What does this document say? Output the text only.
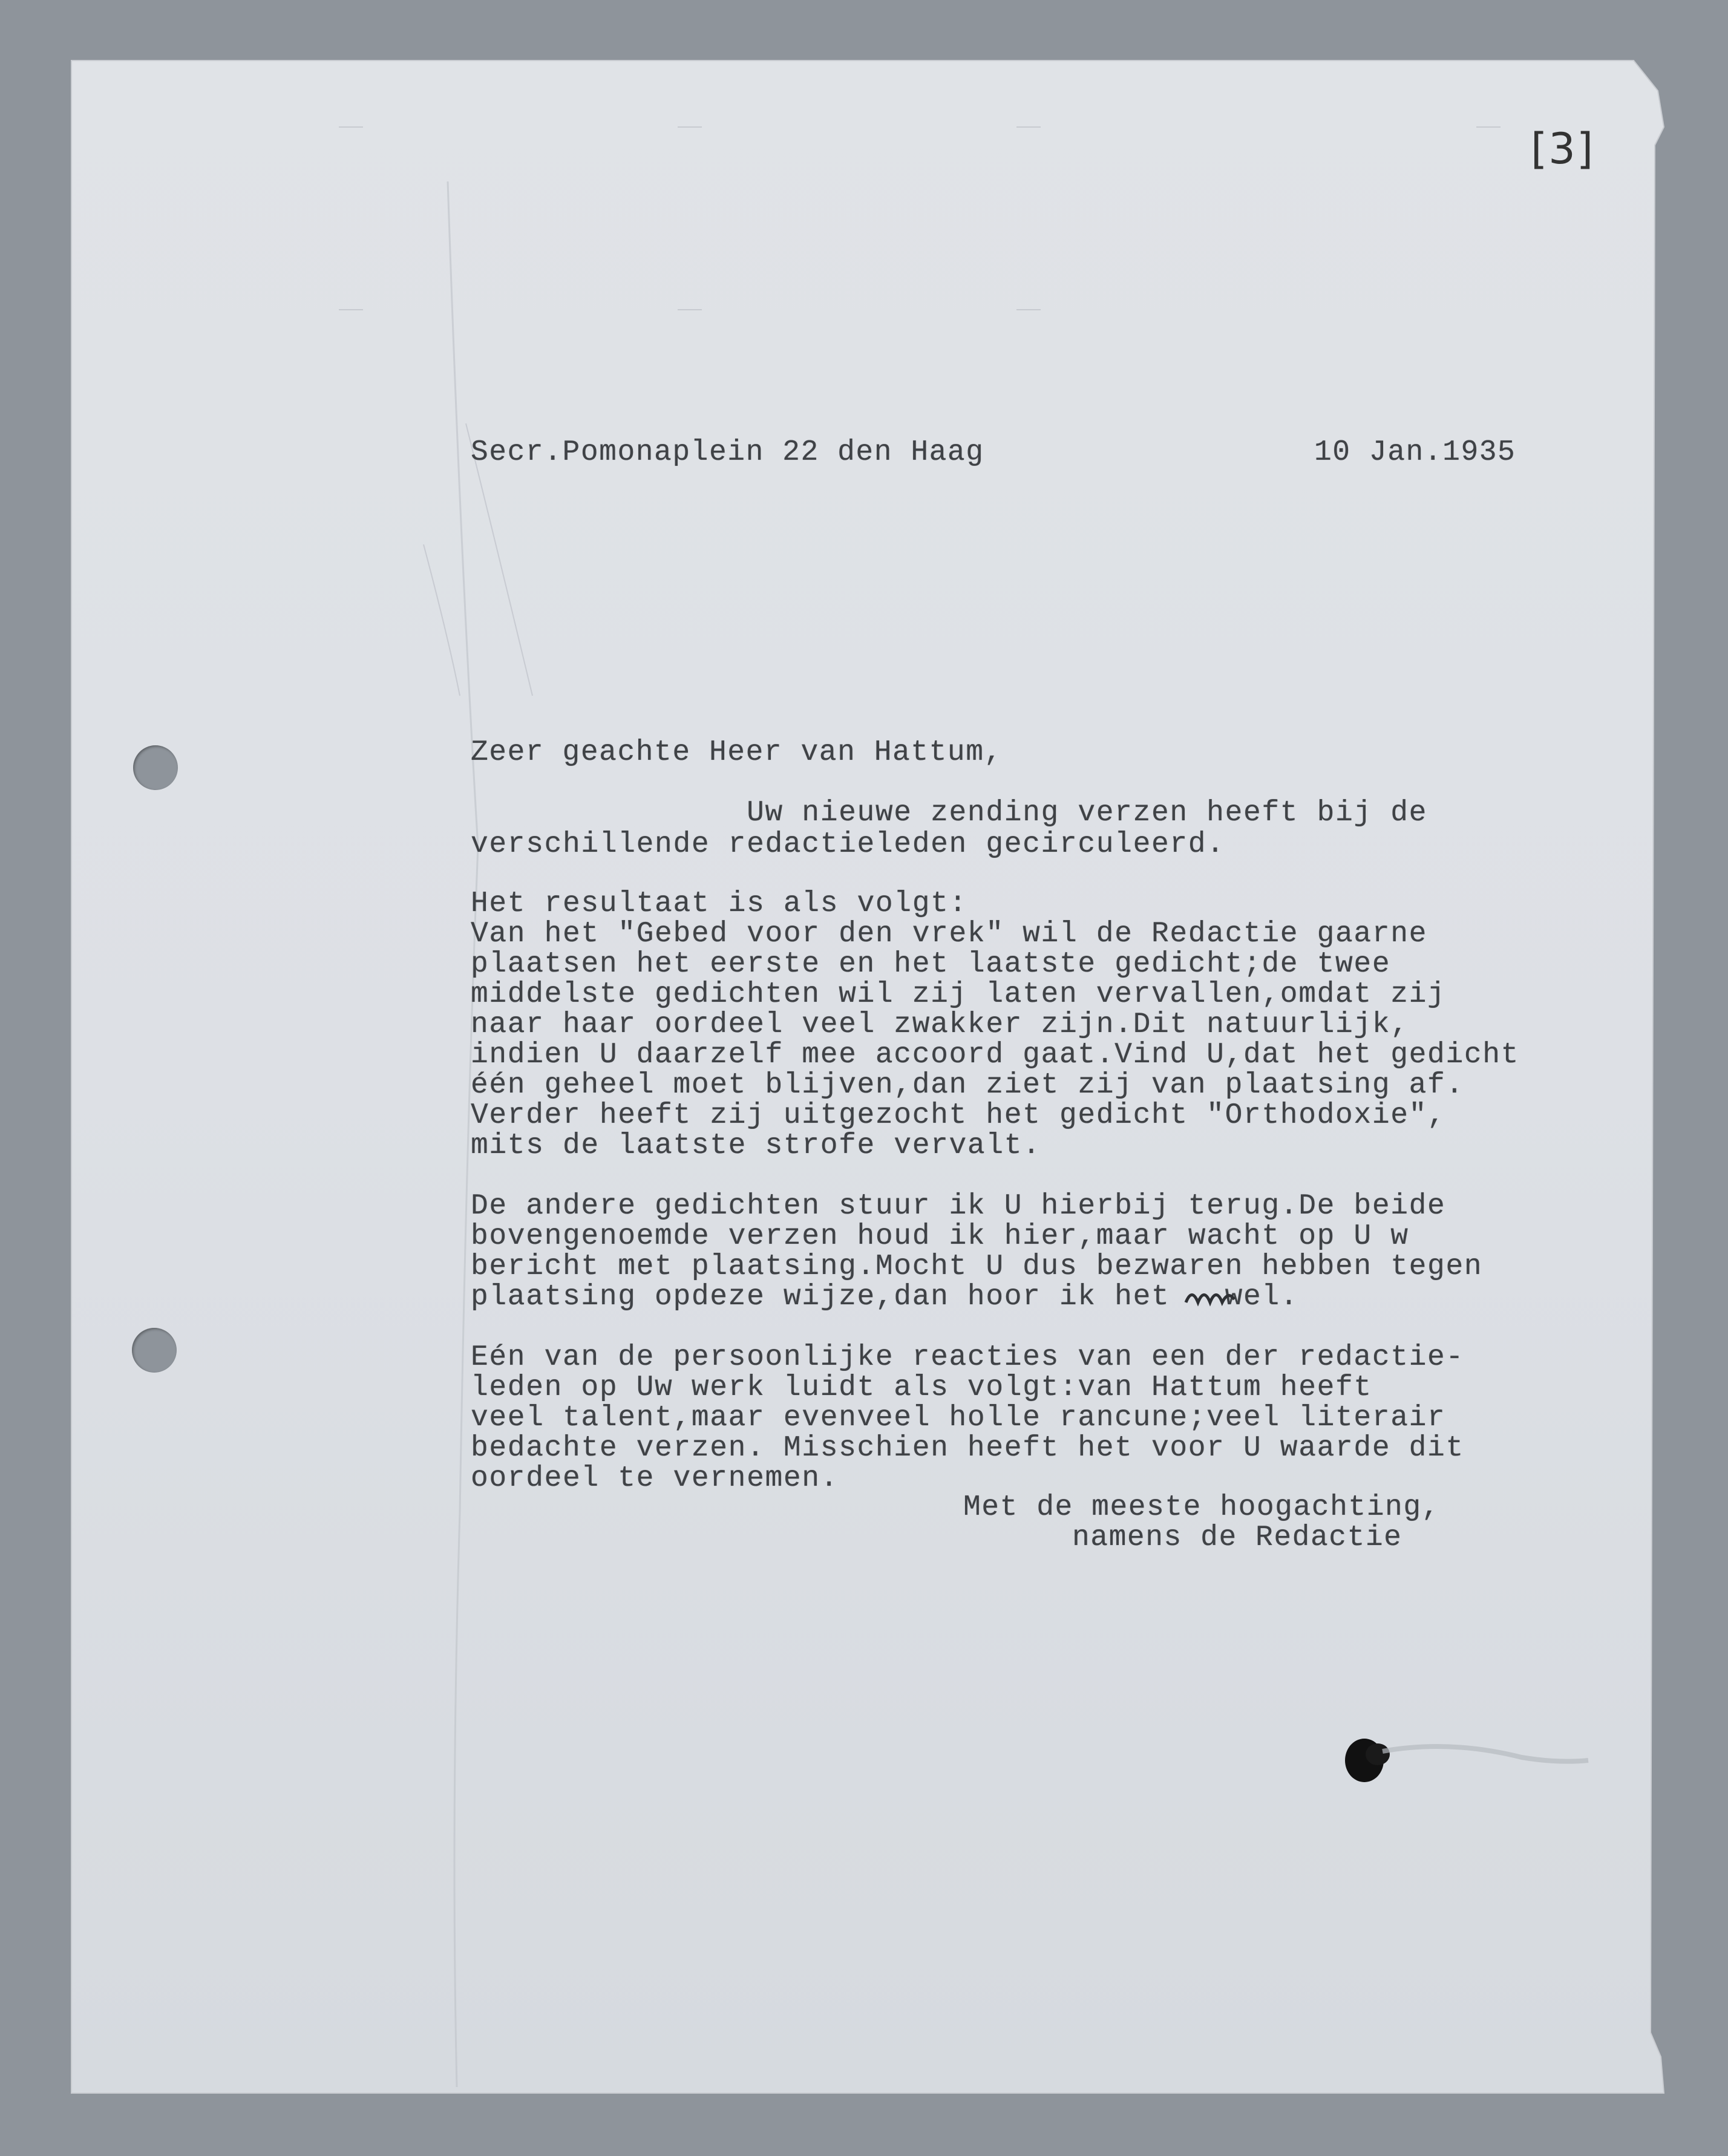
[3]
Secr.Pomonaplein 22 den Haag	10 Jan.1935
Zeer geachte Heer van Hattum,
Uw nieuwe zending verzen heeft bij de
verschillende redactieleden gecirculeerd.
Het resultaat is als volgt:
Van het "Gebed voor den vrek" wil de Redactie gaarne
plaatsen het eerste en het laatste gedicht;de twee
middelste gedichten wil zij laten vervallen,omdat zij
naar haar oordeel veel zwakker zijn.Dit natuurlijk,
indien U daarzelf mee accoord gaat.Vind U,dat het gedicht
één geheel moet blijven,dan ziet zij van plaatsing af.
Verder heeft zij uitgezocht het gedicht "Orthodoxie",
mits de laatste strofe vervalt.
De andere gedichten stuur ik U hierbij terug.De beide
bovengenoemde verzen houd ik hier,maar wacht op U w
bericht met plaatsing.Mocht U dus bezwaren hebben tegen
plaatsing opdeze wijze,dan hoor ik het   wel.
Eén van de persoonlijke reacties van een der redactie-
leden op Uw werk luidt als volgt:van Hattum heeft
veel talent,maar evenveel holle rancune;veel literair
bedachte verzen. Misschien heeft het voor U waarde dit
oordeel te vernemen.
Met de meeste hoogachting,
namens de Redactie
